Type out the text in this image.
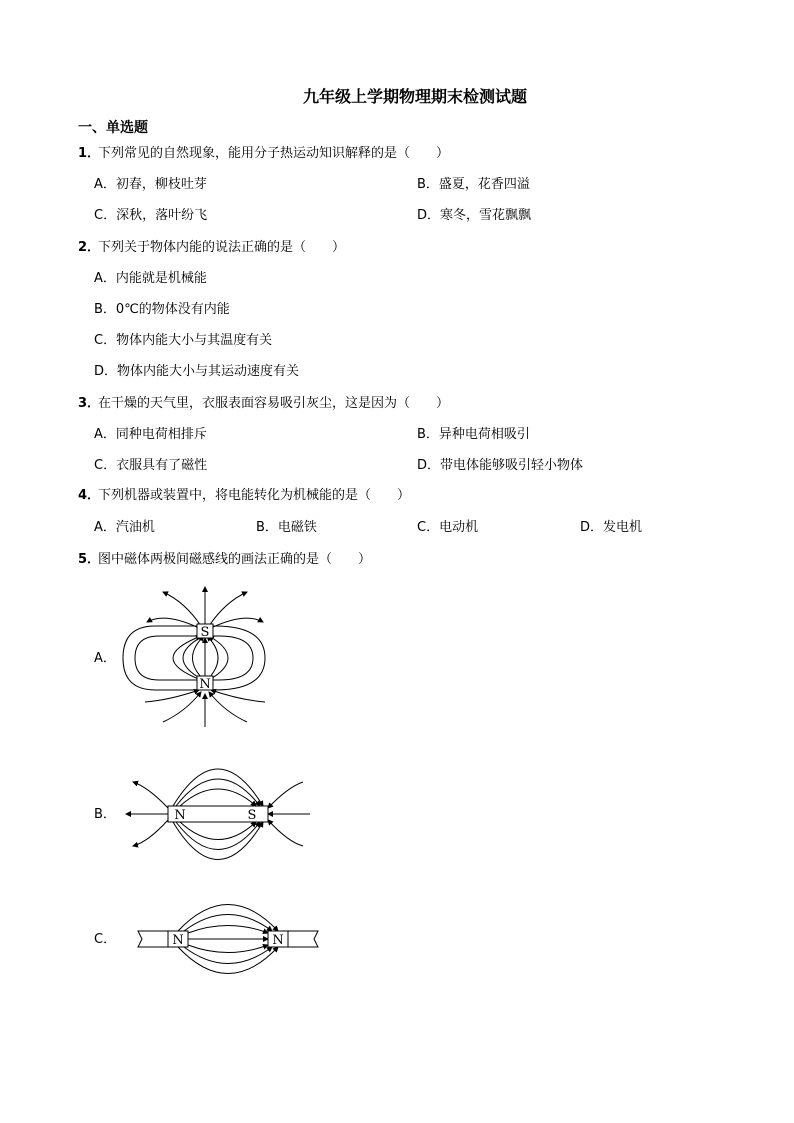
九年级上学期物理期末检测试题
一、单选题
1．
下列常见的自然现象，能用分子热运动知识解释的是（　　）
A．初春，柳枝吐芽	B．盛夏，花香四溢
C．深秋，落叶纷飞	D．寒冬，雪花飘飘
2．
下列关于物体内能的说法正确的是（　　）
A．内能就是机械能
B．0℃的物体没有内能
C．物体内能大小与其温度有关
D．物体内能大小与其运动速度有关
3．
在干燥的天气里，衣服表面容易吸引灰尘，这是因为（　　）
A．同种电荷相排斥	B．异种电荷相吸引
C．衣服具有了磁性	D．带电体能够吸引轻小物体
4．
下列机器或装置中，将电能转化为机械能的是（　　）
A．汽油机	B．电磁铁	C．电动机	D．发电机
5．
图中磁体两极间磁感线的画法正确的是（　　）
A．
B．
C．
S
N
N	S
N	N
